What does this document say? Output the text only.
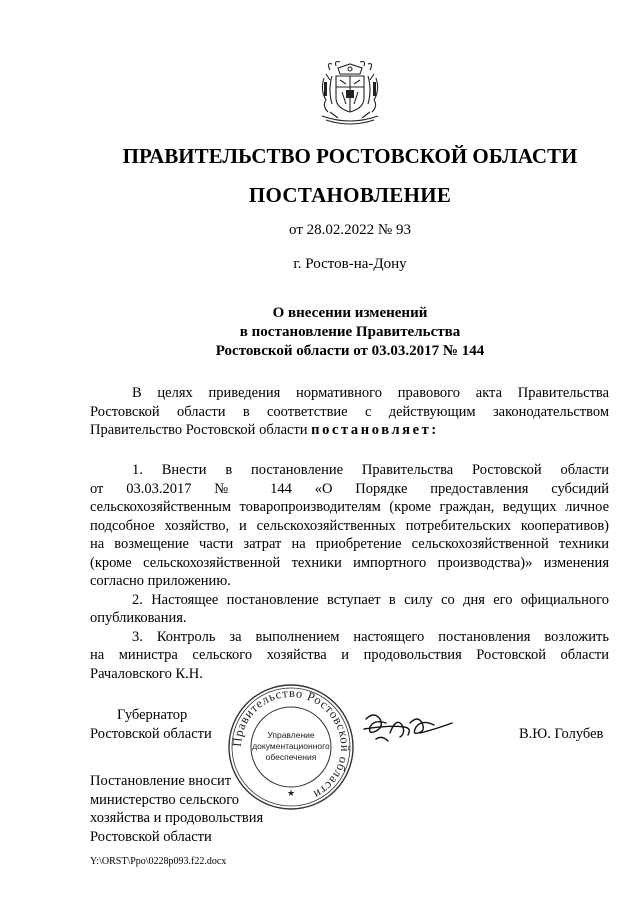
ПРАВИТЕЛЬСТВО РОСТОВСКОЙ ОБЛАСТИ
ПОСТАНОВЛЕНИЕ
от 28.02.2022 № 93
г. Ростов-на-Дону
О внесении изменений
в постановление Правительства
Ростовской области от 03.03.2017 № 144
В целях приведения нормативного правового акта Правительства
Ростовской области в соответствие с действующим законодательством
Правительство Ростовской области постановляет:
1. Внести в постановление Правительства Ростовской области
от 03.03.2017 № 144 «О Порядке предоставления субсидий
сельскохозяйственным товаропроизводителям (кроме граждан, ведущих личное
подсобное хозяйство, и сельскохозяйственных потребительских кооперативов)
на возмещение части затрат на приобретение сельскохозяйственной техники
(кроме сельскохозяйственной техники импортного производства)» изменения
согласно приложению.
2. Настоящее постановление вступает в силу со дня его официального
опубликования.
3. Контроль за выполнением настоящего постановления возложить
на министра сельского хозяйства и продовольствия Ростовской области
Рачаловского К.Н.
Губернатор
Ростовской области
Правительство Ростовской области
Управление
документационного
обеспечения
★
В.Ю. Голубев
Постановление вносит
министерство сельского
хозяйства и продовольствия
Ростовской области
Y:\ORST\Ppo\0228p093.f22.docx
